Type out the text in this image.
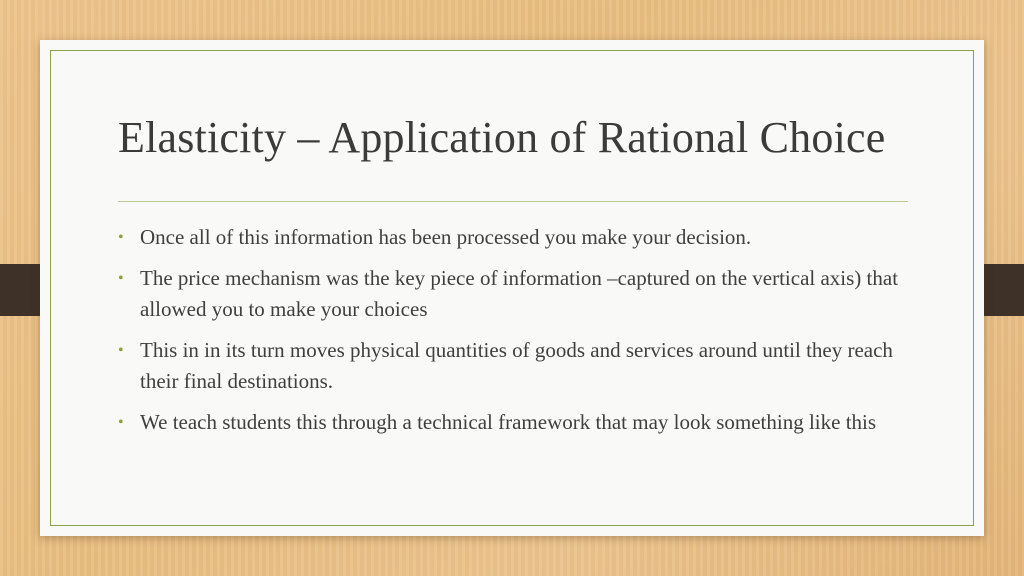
Elasticity – Application of Rational Choice
• Once all of this information has been processed you make your decision.
• The price mechanism was the key piece of information –captured on the vertical axis) that allowed you to make your choices
• This in in its turn moves physical quantities of goods and services around until they reach their final destinations.
• We teach students this through a technical framework that may look something like this
